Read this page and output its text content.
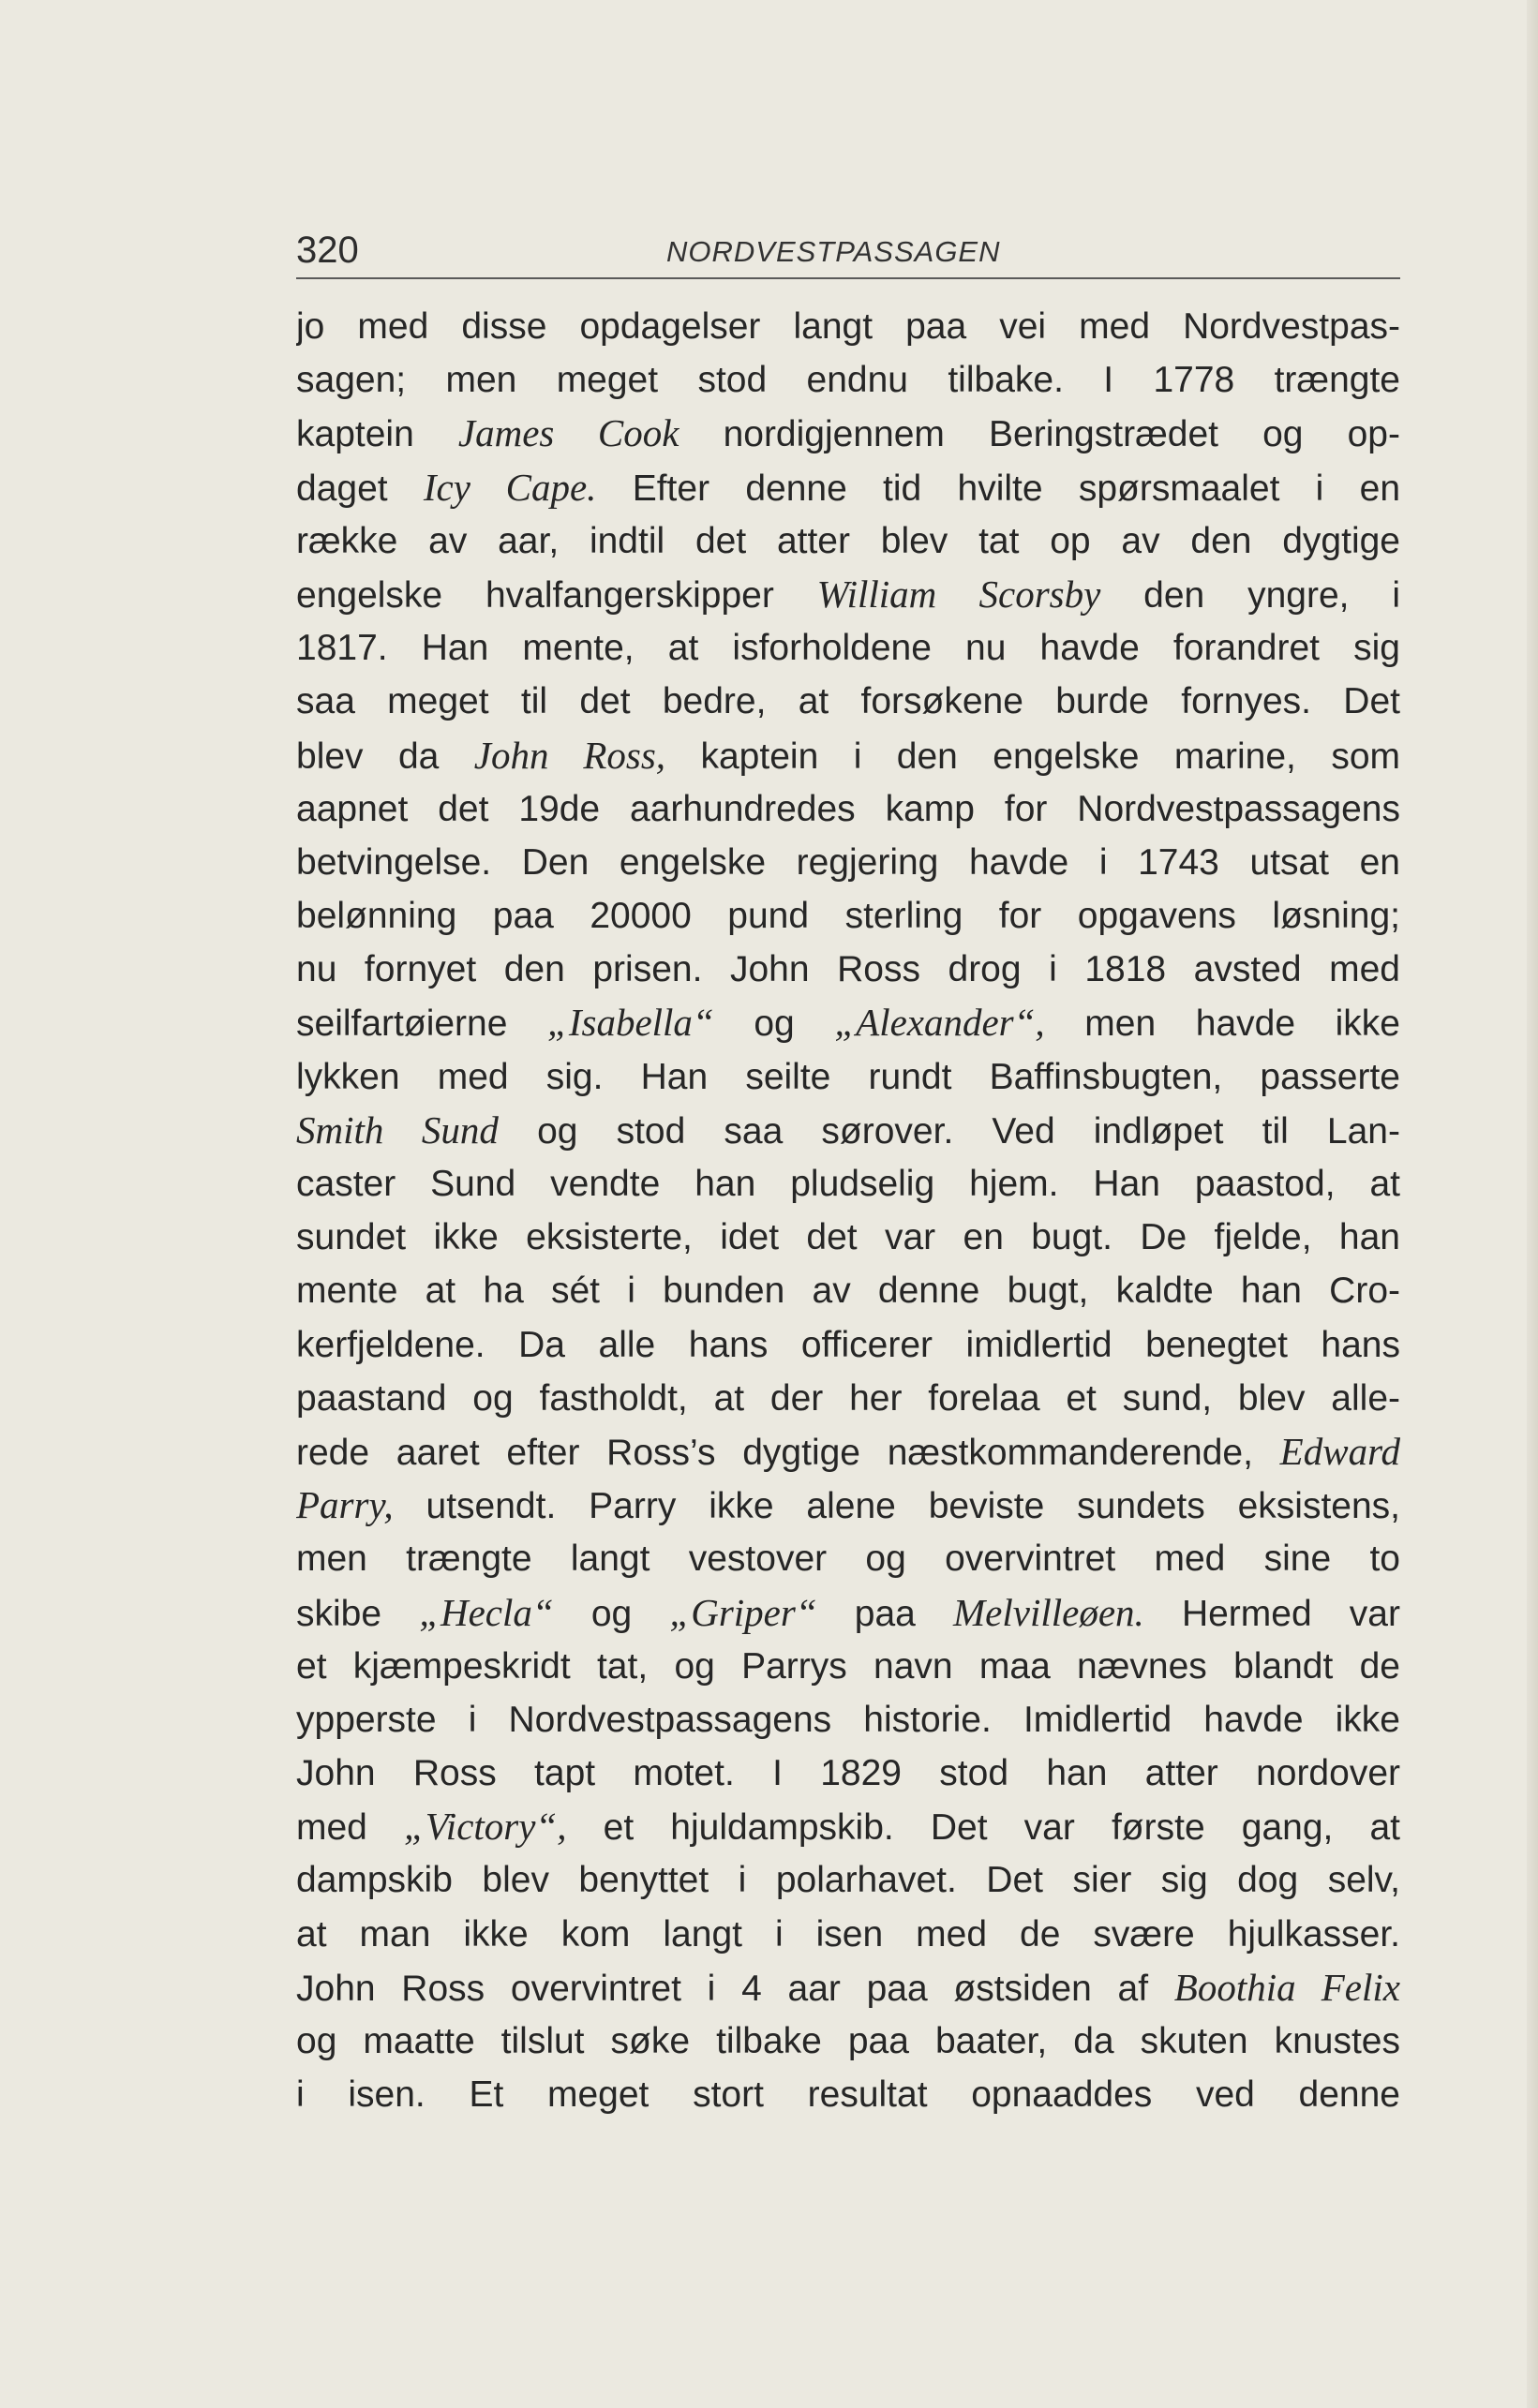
320	NORDVESTPASSAGEN
jo med disse opdagelser langt paa vei med Nordvestpas-
sagen; men meget stod endnu tilbake. I 1778 trængte
kaptein James Cook nordigjennem Beringstrædet og op-
daget Icy Cape. Efter denne tid hvilte spørsmaalet i en
række av aar, indtil det atter blev tat op av den dygtige
engelske hvalfangerskipper William Scorsby den yngre, i
1817. Han mente, at isforholdene nu havde forandret sig
saa meget til det bedre, at forsøkene burde fornyes. Det
blev da John Ross, kaptein i den engelske marine, som
aapnet det 19de aarhundredes kamp for Nordvestpassagens
betvingelse. Den engelske regjering havde i 1743 utsat en
belønning paa 20000 pund sterling for opgavens løsning;
nu fornyet den prisen. John Ross drog i 1818 avsted med
seilfartøierne „Isabella“ og „Alexander“, men havde ikke
lykken med sig. Han seilte rundt Baffinsbugten, passerte
Smith Sund og stod saa sørover. Ved indløpet til Lan-
caster Sund vendte han pludselig hjem. Han paastod, at
sundet ikke eksisterte, idet det var en bugt. De fjelde, han
mente at ha sét i bunden av denne bugt, kaldte han Cro-
kerfjeldene. Da alle hans officerer imidlertid benegtet hans
paastand og fastholdt, at der her forelaa et sund, blev alle-
rede aaret efter Ross’s dygtige næstkommanderende, Edward
Parry, utsendt. Parry ikke alene beviste sundets eksistens,
men trængte langt vestover og overvintret med sine to
skibe „Hecla“ og „Griper“ paa Melvilleøen. Hermed var
et kjæmpeskridt tat, og Parrys navn maa nævnes blandt de
ypperste i Nordvestpassagens historie. Imidlertid havde ikke
John Ross tapt motet. I 1829 stod han atter nordover
med „Victory“, et hjuldampskib. Det var første gang, at
dampskib blev benyttet i polarhavet. Det sier sig dog selv,
at man ikke kom langt i isen med de svære hjulkasser.
John Ross overvintret i 4 aar paa østsiden af Boothia Felix
og maatte tilslut søke tilbake paa baater, da skuten knustes
i isen. Et meget stort resultat opnaaddes ved denne
